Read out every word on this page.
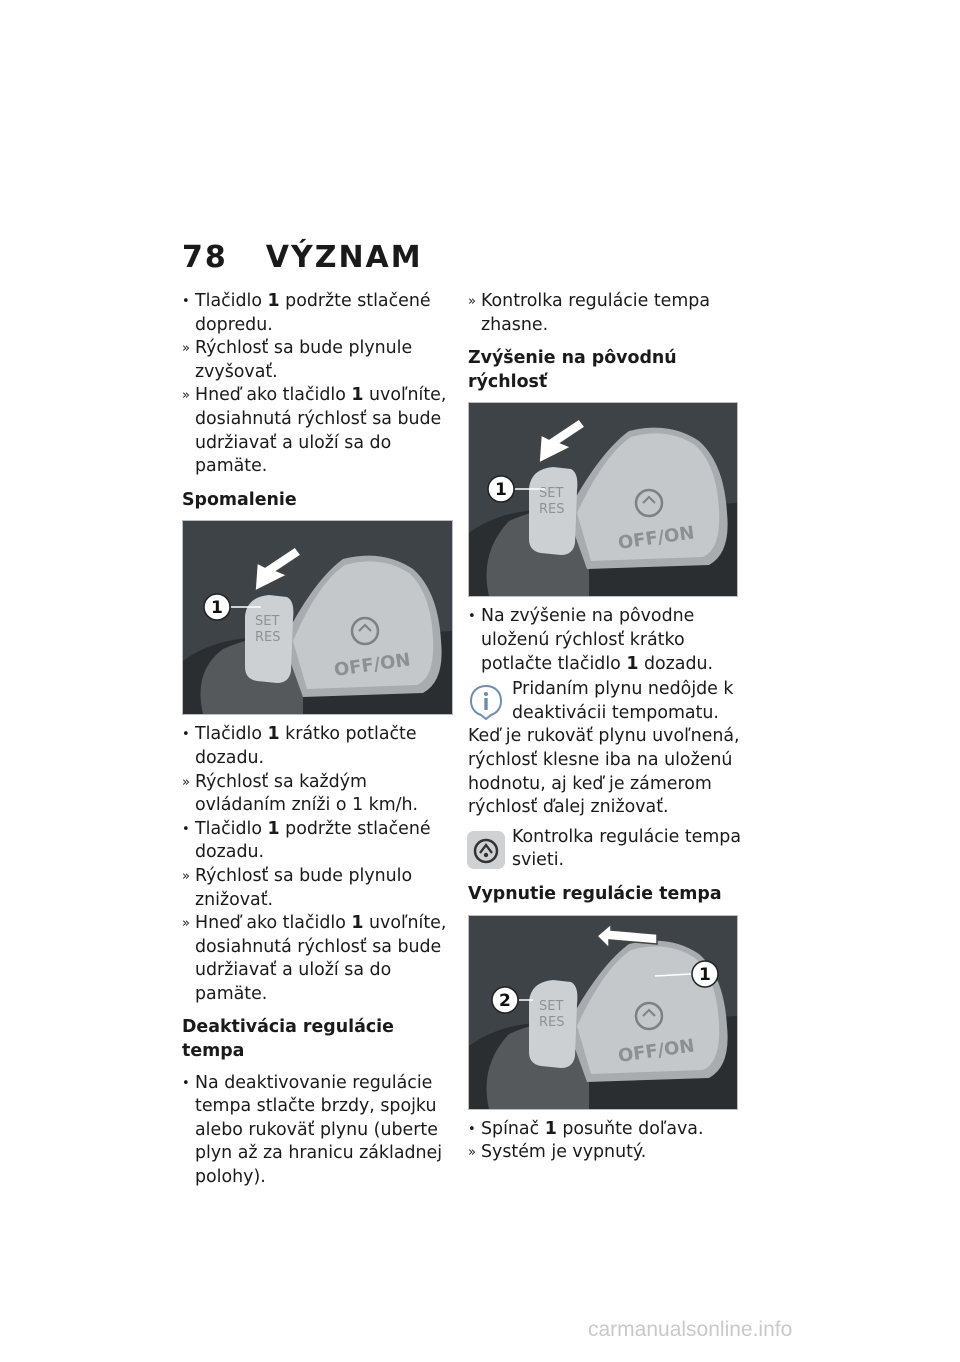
78 VÝZNAM

• Tlačidlo 1 podržte stlačené dopredu.

» Rýchlosť sa bude plynule zvyšovať.

» Hneď ako tlačidlo 1 uvoľníte, dosiahnutá rýchlosť sa bude udržiavať a uloží sa do pamäte.

Spomalenie
SET
RES
OFF/ON
1

• Tlačidlo 1 krátko potlačte dozadu.

» Rýchlosť sa každým ovládaním zníži o 1 km/h.

• Tlačidlo 1 podržte stlačené dozadu.

» Rýchlosť sa bude plynulo znižovať.

» Hneď ako tlačidlo 1 uvoľníte, dosiahnutá rýchlosť sa bude udržiavať a uloží sa do pamäte.

Deaktivácia regulácie tempa

• Na deaktivovanie regulácie tempa stlačte brzdy, spojku alebo rukoväť plynu (uberte plyn až za hranicu základnej polohy).

» Kontrolka regulácie tempa zhasne.

Zvýšenie na pôvodnú rýchlosť
SET
RES
OFF/ON
1

• Na zvýšenie na pôvodne uloženú rýchlosť krátko potlačte tlačidlo 1 dozadu.

Pridaním plynu nedôjde k deaktivácii tempomatu.

Keď je rukoväť plynu uvoľnená, rýchlosť klesne iba na uloženú hodnotu, aj keď je zámerom rýchlosť ďalej znižovať.

Kontrolka regulácie tempa svieti.
Vypnutie regulácie tempa
SET
RES
OFF/ON
2
1

• Spínač 1 posuňte doľava.

» Systém je vypnutý.

carmanualsonline.info
